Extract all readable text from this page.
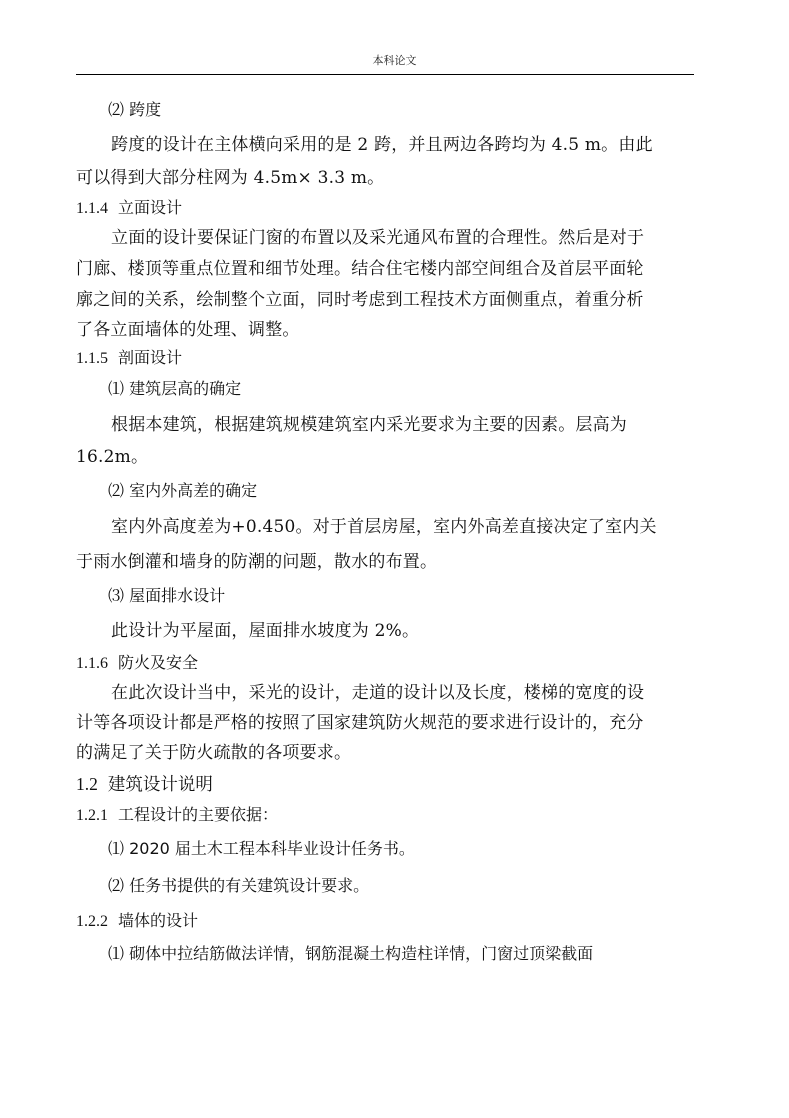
本科论文
⑵ 跨度
跨度的设计在主体横向采用的是 2 跨，并且两边各跨均为 4.5 m。由此
可以得到大部分柱网为 4.5m× 3.3 m。
1.1.4 立面设计
立面的设计要保证门窗的布置以及采光通风布置的合理性。然后是对于
门廊、楼顶等重点位置和细节处理。结合住宅楼内部空间组合及首层平面轮
廓之间的关系，绘制整个立面，同时考虑到工程技术方面侧重点，着重分析
了各立面墙体的处理、调整。
1.1.5 剖面设计
⑴ 建筑层高的确定
根据本建筑，根据建筑规模建筑室内采光要求为主要的因素。层高为
16.2m。
⑵ 室内外高差的确定
室内外高度差为+0.450。对于首层房屋，室内外高差直接决定了室内关
于雨水倒灌和墙身的防潮的问题，散水的布置。
⑶ 屋面排水设计
此设计为平屋面，屋面排水坡度为 2%。
1.1.6 防火及安全
在此次设计当中，采光的设计，走道的设计以及长度，楼梯的宽度的设
计等各项设计都是严格的按照了国家建筑防火规范的要求进行设计的，充分
的满足了关于防火疏散的各项要求。
1.2 建筑设计说明
1.2.1 工程设计的主要依据：
⑴ 2020 届土木工程本科毕业设计任务书。
⑵ 任务书提供的有关建筑设计要求。
1.2.2 墙体的设计
⑴ 砌体中拉结筋做法详情，钢筋混凝土构造柱详情，门窗过顶梁截面
